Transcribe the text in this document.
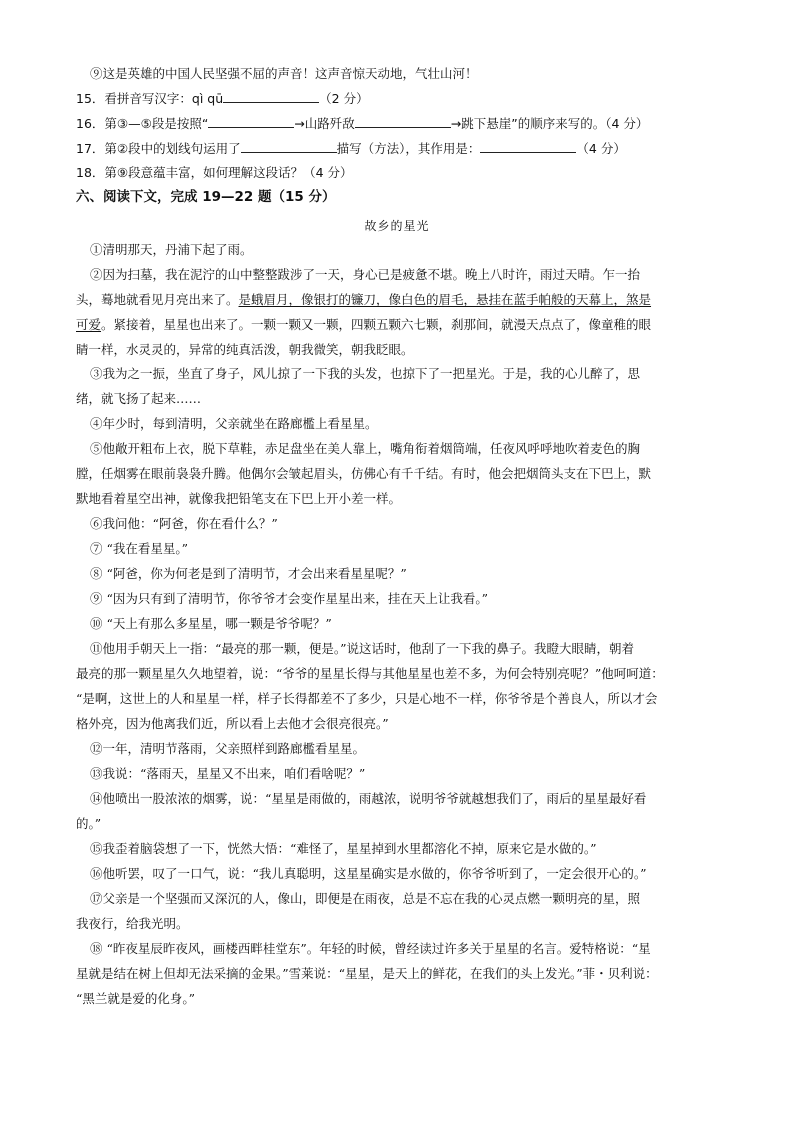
⑨这是英雄的中国人民坚强不屈的声音！这声音惊天动地，气壮山河！
15．看拼音写汉字：qì qū	（2 分）
16．第③—⑤段是按照“	→山路歼敌	→跳下悬崖”的顺序来写的。（4 分）
17．第②段中的划线句运用了	描写（方法），其作用是：	（4 分）
18．第⑨段意蕴丰富，如何理解这段话？（4 分）
六、阅读下文，完成 19—22 题（15 分）
故乡的星光
①清明那天，丹浦下起了雨。
②因为扫墓，我在泥泞的山中整整跋涉了一天，身心已是疲惫不堪。晚上八时许，雨过天晴。乍一抬
头，蓦地就看见月亮出来了。是蛾眉月，像银打的镰刀，像白色的眉毛，悬挂在蓝手帕般的天幕上，煞是
可爱。紧接着，星星也出来了。一颗一颗又一颗，四颗五颗六七颗，刹那间，就漫天点点了，像童稚的眼
睛一样，水灵灵的，异常的纯真活泼，朝我微笑，朝我眨眼。
③我为之一振，坐直了身子，风儿掠了一下我的头发，也掠下了一把星光。于是，我的心儿醉了，思
绪，就飞扬了起来……
④年少时，每到清明，父亲就坐在路廊檻上看星星。
⑤他敞开粗布上衣，脱下草鞋，赤足盘坐在美人靠上，嘴角衔着烟筒端，任夜风呼呼地吹着麦色的胸
膛，任烟雾在眼前袅袅升腾。他偶尔会皱起眉头，仿佛心有千千结。有时，他会把烟筒头支在下巴上，默
默地看着星空出神，就像我把铅笔支在下巴上开小差一样。
⑥我问他：“阿爸，你在看什么？”
⑦ “我在看星星。”
⑧ “阿爸，你为何老是到了清明节，才会出来看星星呢？”
⑨ “因为只有到了清明节，你爷爷才会变作星星出来，挂在天上让我看。”
⑩ “天上有那么多星星，哪一颗是爷爷呢？”
⑪他用手朝天上一指：“最亮的那一颗，便是。”说这话时，他刮了一下我的鼻子。我瞪大眼睛，朝着
最亮的那一颗星星久久地望着，说：“爷爷的星星长得与其他星星也差不多，为何会特别亮呢？”他呵呵道：
“是啊，这世上的人和星星一样，样子长得都差不了多少，只是心地不一样，你爷爷是个善良人，所以才会
格外亮，因为他离我们近，所以看上去他才会很亮很亮。”
⑫一年，清明节落雨，父亲照样到路廊檻看星星。
⑬我说：“落雨天，星星又不出来，咱们看啥呢？”
⑭他喷出一股浓浓的烟雾，说：“星星是雨做的，雨越浓，说明爷爷就越想我们了，雨后的星星最好看
的。”
⑮我歪着脑袋想了一下，恍然大悟：“难怪了，星星掉到水里都溶化不掉，原来它是水做的。”
⑯他听罢，叹了一口气，说：“我儿真聪明，这星星确实是水做的，你爷爷听到了，一定会很开心的。”
⑰父亲是一个坚强而又深沉的人，像山，即便是在雨夜，总是不忘在我的心灵点燃一颗明亮的星，照
我夜行，给我光明。
⑱ “昨夜星辰昨夜风，画楼西畔桂堂东”。年轻的时候，曾经读过许多关于星星的名言。爱特格说：“星
星就是结在树上但却无法采摘的金果。”雪莱说：“星星，是天上的鲜花，在我们的头上发光。”菲・贝利说：
“黑兰就是爱的化身。”
